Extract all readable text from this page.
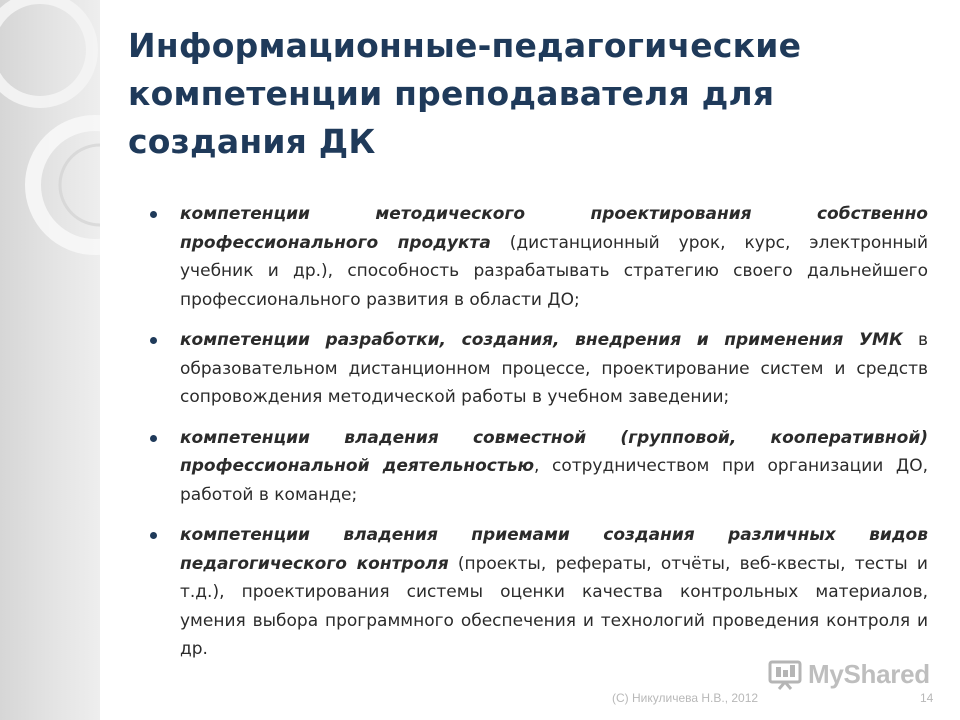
Информационные-педагогические
компетенции преподавателя для
создания ДК
компетенции методического проектирования собственно профессионального продукта (дистанционный урок, курс, электронный учебник и др.), способность разрабатывать стратегию своего дальнейшего профессионального развития в области ДО;
компетенции разработки, создания, внедрения и применения УМК в образовательном дистанционном процессе, проектирование систем и средств сопровождения методической работы в учебном заведении;
компетенции владения совместной (групповой, кооперативной) профессиональной деятельностью, сотрудничеством при организации ДО, работой в команде;
компетенции владения приемами создания различных видов педагогического контроля (проекты, рефераты, отчёты, веб-квесты, тесты и т.д.), проектирования системы оценки качества контрольных материалов, умения выбора программного обеспечения и технологий проведения контроля и др.
MyShared
(С) Никуличева Н.В., 2012	14
